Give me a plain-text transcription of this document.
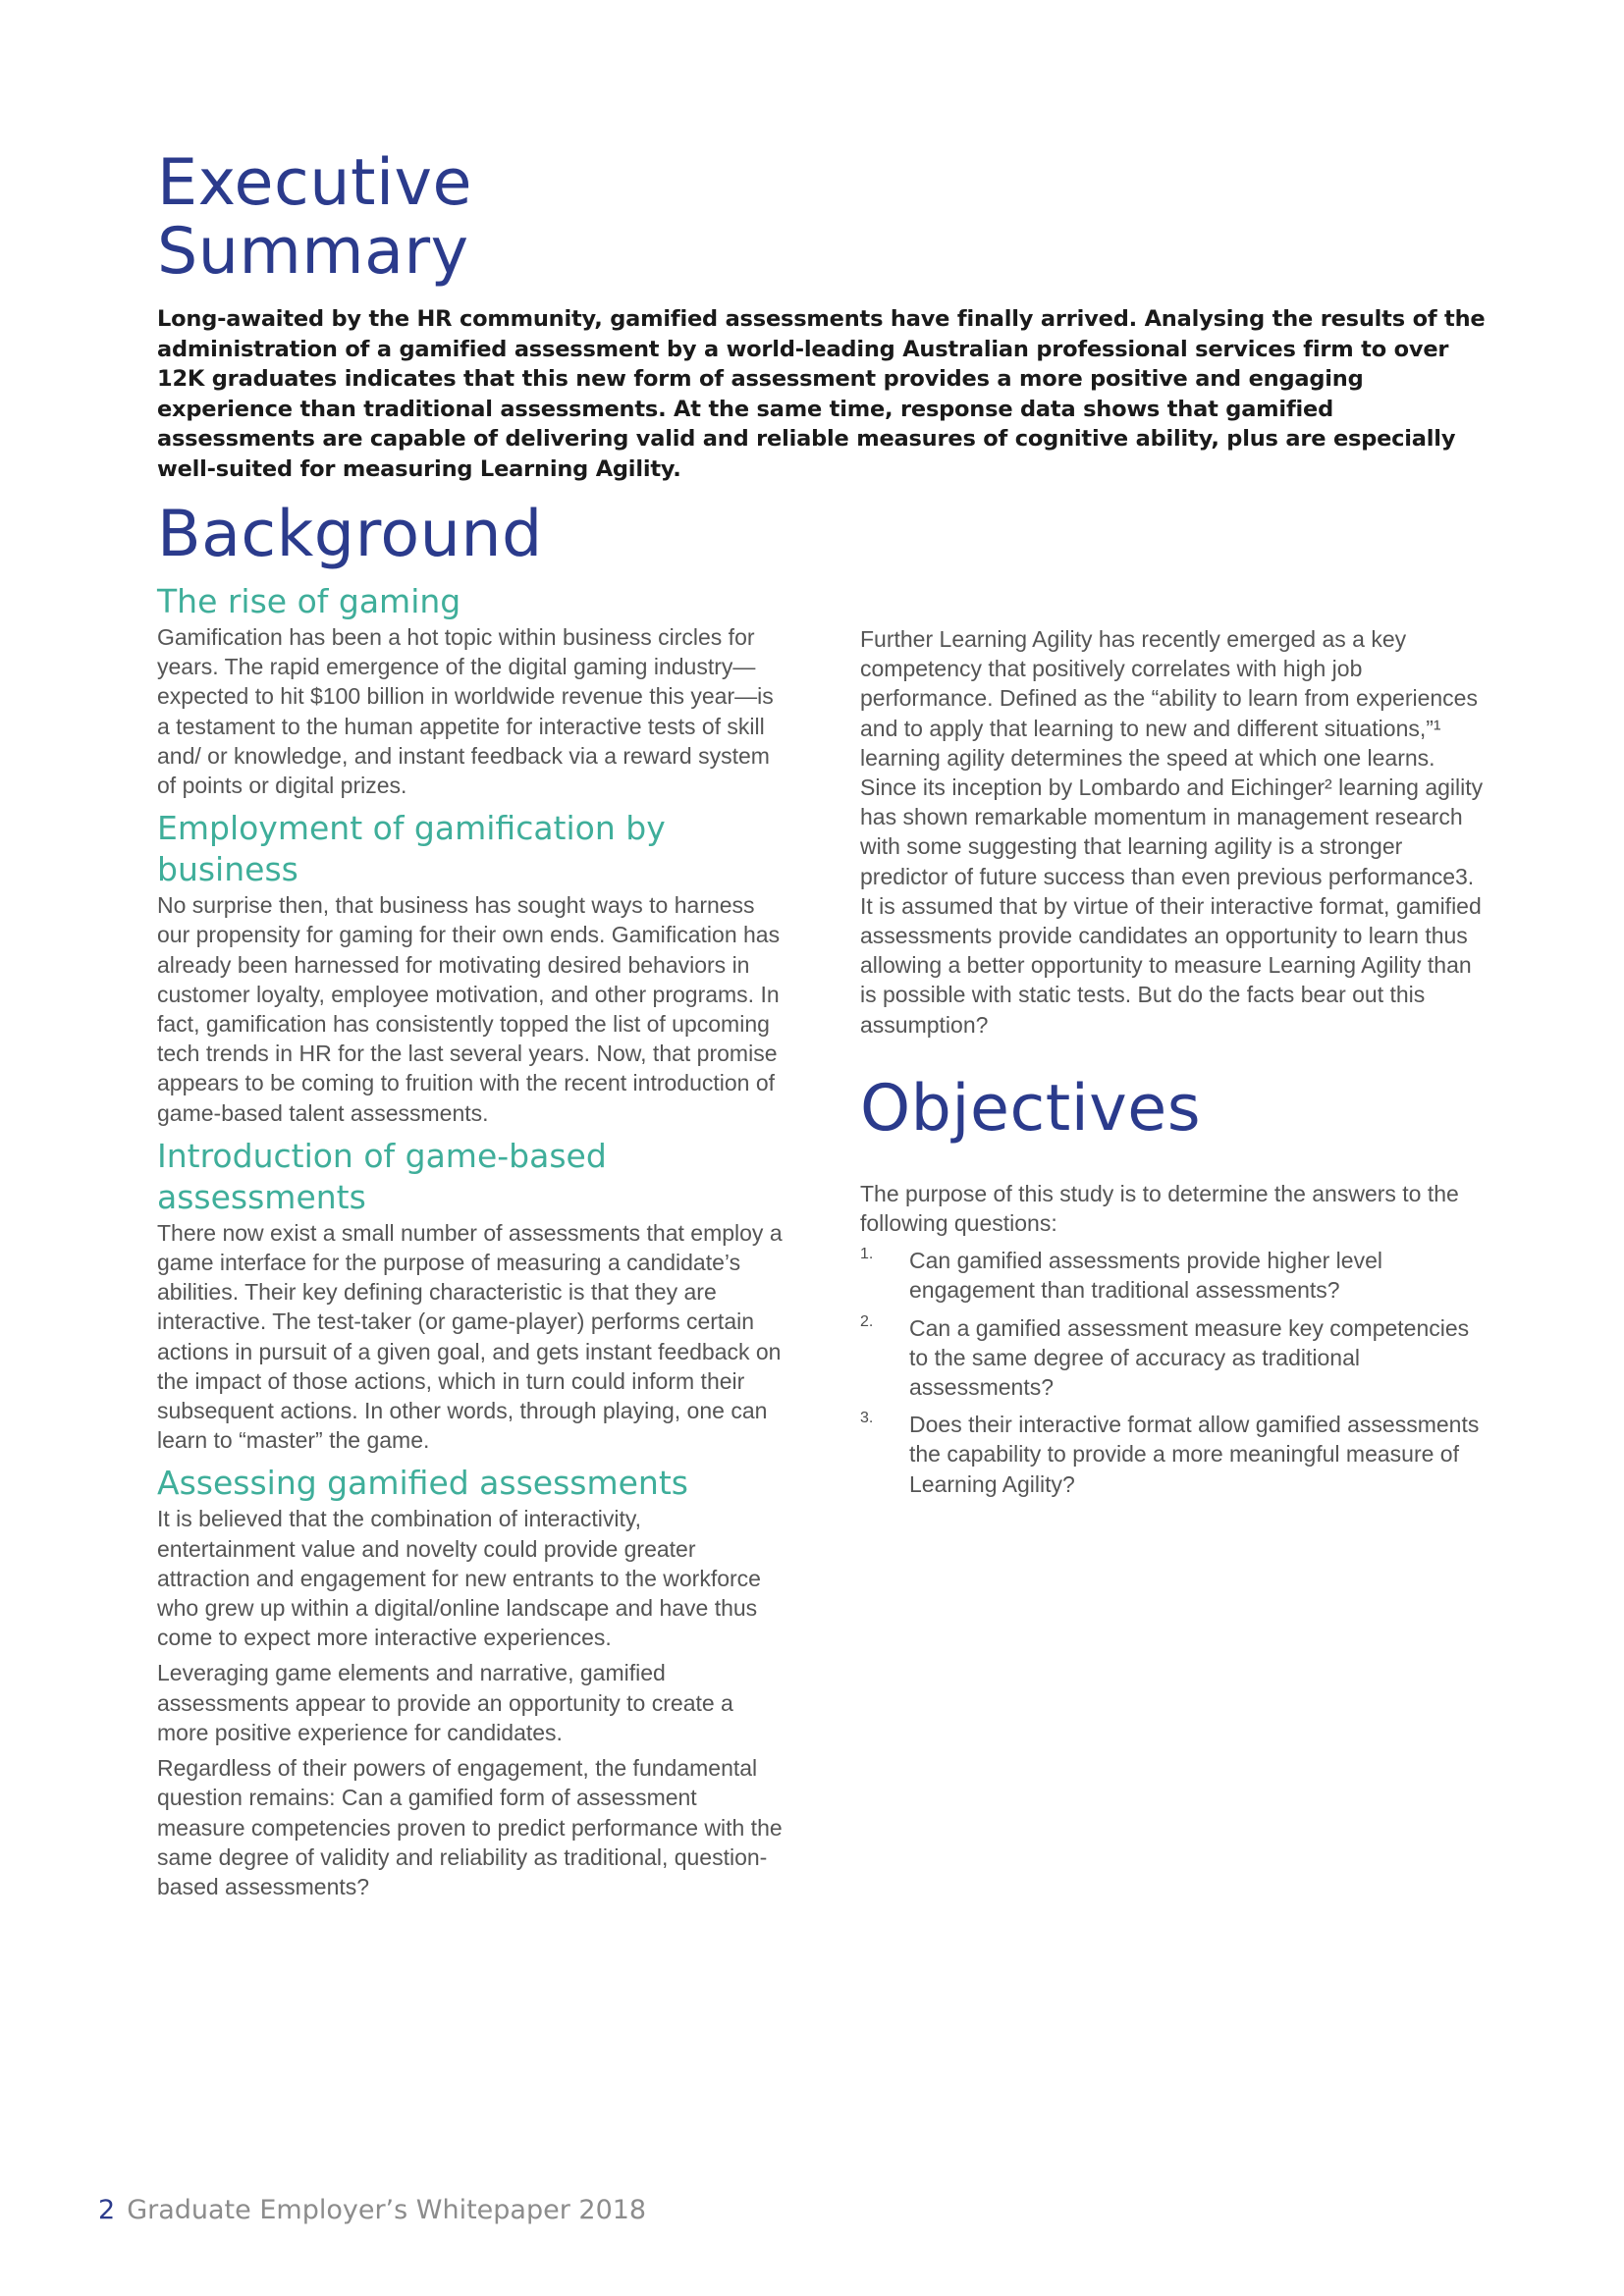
Executive
Summary

Long-awaited by the HR community, gamified assessments have finally arrived. Analysing the results of the administration of a gamified assessment by a world-leading Australian professional services firm to over 12K graduates indicates that this new form of assessment provides a more positive and engaging experience than traditional assessments. At the same time, response data shows that gamified assessments are capable of delivering valid and reliable measures of cognitive ability, plus are especially well-suited for measuring Learning Agility.

Background
The rise of gaming

Gamification has been a hot topic within business circles for years. The rapid emergence of the digital gaming industry—expected to hit $100 billion in worldwide revenue this year—is a testament to the human appetite for interactive tests of skill and/ or knowledge, and instant feedback via a reward system of points or digital prizes.

Employment of gamification by business

No surprise then, that business has sought ways to harness our propensity for gaming for their own ends. Gamification has already been harnessed for motivating desired behaviors in customer loyalty, employee motivation, and other programs. In fact, gamification has consistently topped the list of upcoming tech trends in HR for the last several years. Now, that promise appears to be coming to fruition with the recent introduction of game-based talent assessments.

Introduction of game-based assessments

There now exist a small number of assessments that employ a game interface for the purpose of measuring a candidate’s abilities. Their key defining characteristic is that they are interactive. The test-taker (or game-player) performs certain actions in pursuit of a given goal, and gets instant feedback on the impact of those actions, which in turn could inform their subsequent actions. In other words, through playing, one can learn to “master” the game.

Assessing gamified assessments

It is believed that the combination of interactivity, entertainment value and novelty could provide greater attraction and engagement for new entrants to the workforce who grew up within a digital/online landscape and have thus come to expect more interactive experiences.

Leveraging game elements and narrative, gamified assessments appear to provide an opportunity to create a more positive experience for candidates.

Regardless of their powers of engagement, the fundamental question remains: Can a gamified form of assessment measure competencies proven to predict performance with the same degree of validity and reliability as traditional, question-based assessments?

Further Learning Agility has recently emerged as a key competency that positively correlates with high job performance. Defined as the “ability to learn from experiences and to apply that learning to new and different situations,”¹ learning agility determines the speed at which one learns. Since its inception by Lombardo and Eichinger² learning agility has shown remarkable momentum in management research with some suggesting that learning agility is a stronger predictor of future success than even previous performance3. It is assumed that by virtue of their interactive format, gamified assessments provide candidates an opportunity to learn thus allowing a better opportunity to measure Learning Agility than is possible with static tests. But do the facts bear out this assumption?

Objectives

The purpose of this study is to determine the answers to the following questions:

1. Can gamified assessments provide higher level engagement than traditional assessments?

2. Can a gamified assessment measure key competencies to the same degree of accuracy as traditional assessments?

3. Does their interactive format allow gamified assessments the capability to provide a more meaningful measure of Learning Agility?

2 Graduate Employer’s Whitepaper 2018
